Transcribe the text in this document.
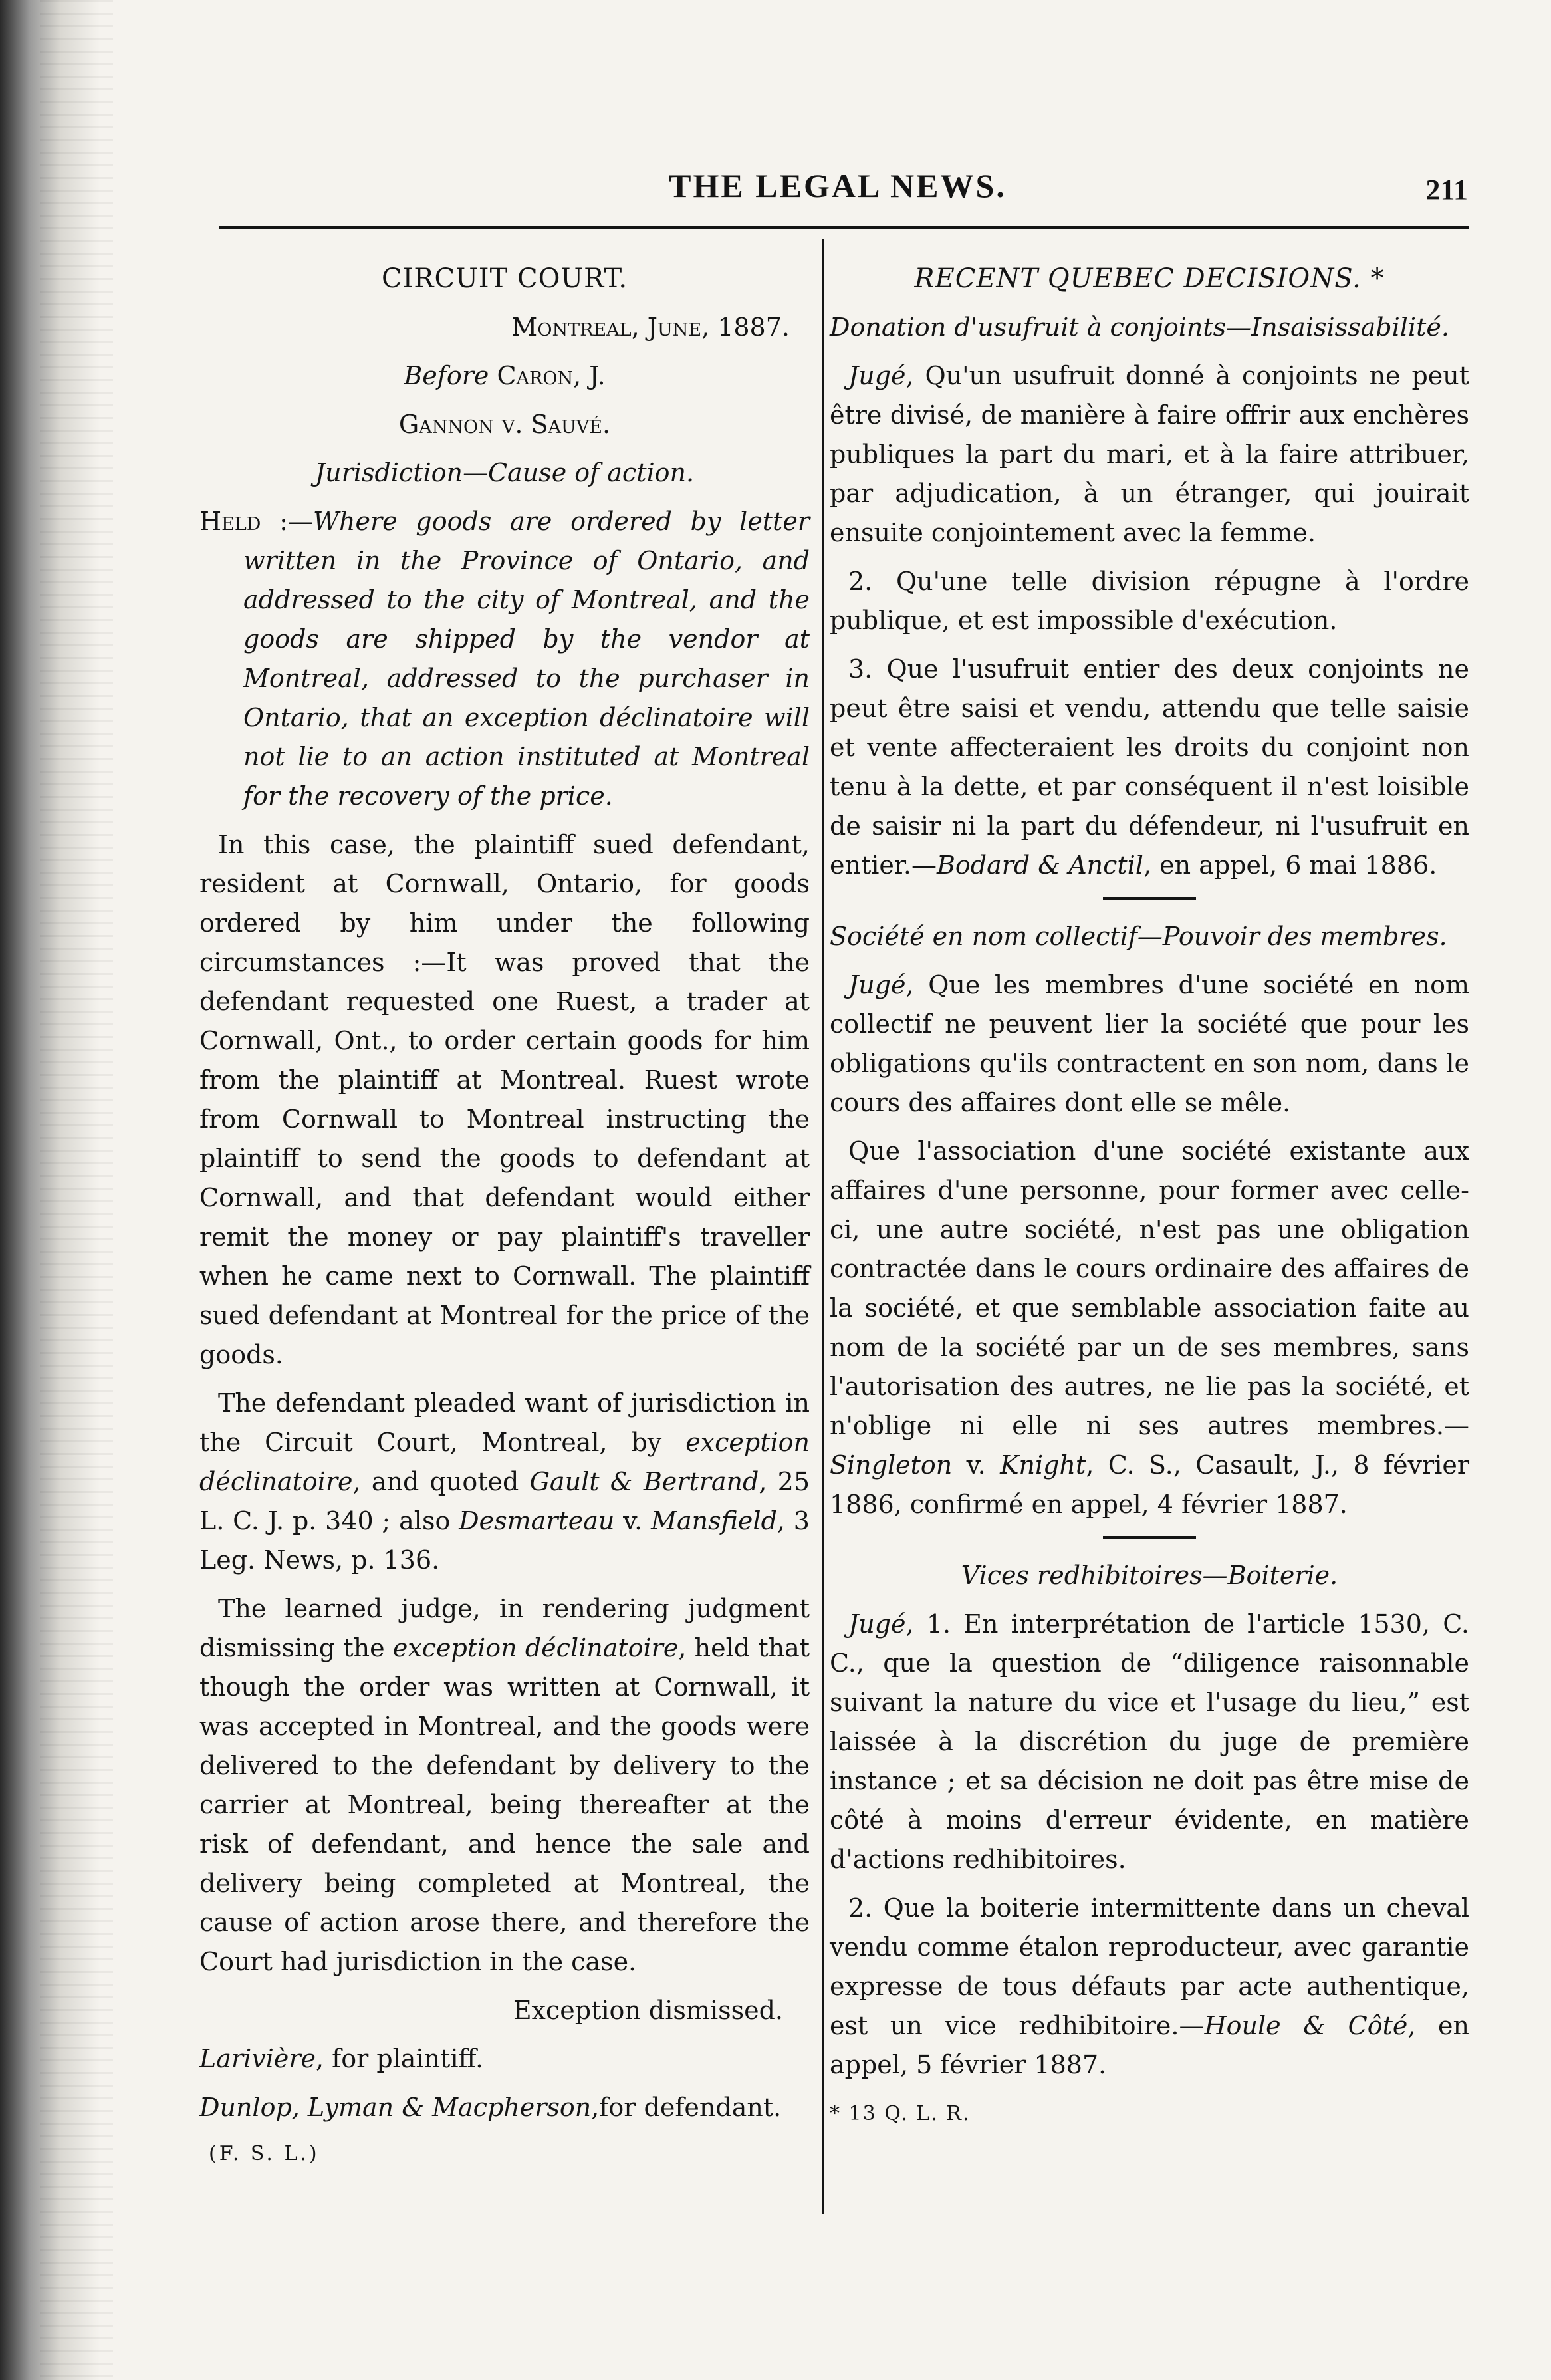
THE LEGAL NEWS.	211

CIRCUIT COURT.

Montreal, June, 1887.

Before Caron, J.

Gannon v. Sauvé.

Jurisdiction—Cause of action.

Held :—Where goods are ordered by letter written in the Province of Ontario, and addressed to the city of Montreal, and the goods are shipped by the vendor at Montreal, addressed to the purchaser in Ontario, that an exception déclinatoire will not lie to an action instituted at Montreal for the recovery of the price.

In this case, the plaintiff sued defendant, resident at Cornwall, Ontario, for goods ordered by him under the following circumstances :—It was proved that the defendant requested one Ruest, a trader at Cornwall, Ont., to order certain goods for him from the plaintiff at Montreal. Ruest wrote from Cornwall to Montreal instructing the plaintiff to send the goods to defendant at Cornwall, and that defendant would either remit the money or pay plaintiff's traveller when he came next to Cornwall. The plaintiff sued defendant at Montreal for the price of the goods.

The defendant pleaded want of jurisdiction in the Circuit Court, Montreal, by exception déclinatoire, and quoted Gault & Bertrand, 25 L. C. J. p. 340 ; also Desmarteau v. Mansfield, 3 Leg. News, p. 136.

The learned judge, in rendering judgment dismissing the exception déclinatoire, held that though the order was written at Cornwall, it was accepted in Montreal, and the goods were delivered to the defendant by delivery to the carrier at Montreal, being thereafter at the risk of defendant, and hence the sale and delivery being completed at Montreal, the cause of action arose there, and therefore the Court had jurisdiction in the case.

Exception dismissed.

Larivière, for plaintiff.

Dunlop, Lyman & Macpherson,for defendant.

(F. S. L.)

RECENT QUEBEC DECISIONS. *

Donation d'usufruit à conjoints—Insaisissabilité.

Jugé, Qu'un usufruit donné à conjoints ne peut être divisé, de manière à faire offrir aux enchères publiques la part du mari, et à la faire attribuer, par adjudication, à un étranger, qui jouirait ensuite conjointement avec la femme.

2. Qu'une telle division répugne à l'ordre publique, et est impossible d'exécution.

3. Que l'usufruit entier des deux conjoints ne peut être saisi et vendu, attendu que telle saisie et vente affecteraient les droits du conjoint non tenu à la dette, et par conséquent il n'est loisible de saisir ni la part du défendeur, ni l'usufruit en entier.—Bodard & Anctil, en appel, 6 mai 1886.

Société en nom collectif—Pouvoir des membres.

Jugé, Que les membres d'une société en nom collectif ne peuvent lier la société que pour les obligations qu'ils contractent en son nom, dans le cours des affaires dont elle se mêle.

Que l'association d'une société existante aux affaires d'une personne, pour former avec celle-ci, une autre société, n'est pas une obligation contractée dans le cours ordinaire des affaires de la société, et que semblable association faite au nom de la société par un de ses membres, sans l'autorisation des autres, ne lie pas la société, et n'oblige ni elle ni ses autres membres.—Singleton v. Knight, C. S., Casault, J., 8 février 1886, confirmé en appel, 4 février 1887.

Vices redhibitoires—Boiterie.

Jugé, 1. En interprétation de l'article 1530, C. C., que la question de “diligence raisonnable suivant la nature du vice et l'usage du lieu,” est laissée à la discrétion du juge de première instance ; et sa décision ne doit pas être mise de côté à moins d'erreur évidente, en matière d'actions redhibitoires.

2. Que la boiterie intermittente dans un cheval vendu comme étalon reproducteur, avec garantie expresse de tous défauts par acte authentique, est un vice redhibitoire.—Houle & Côté, en appel, 5 février 1887.

* 13 Q. L. R.
